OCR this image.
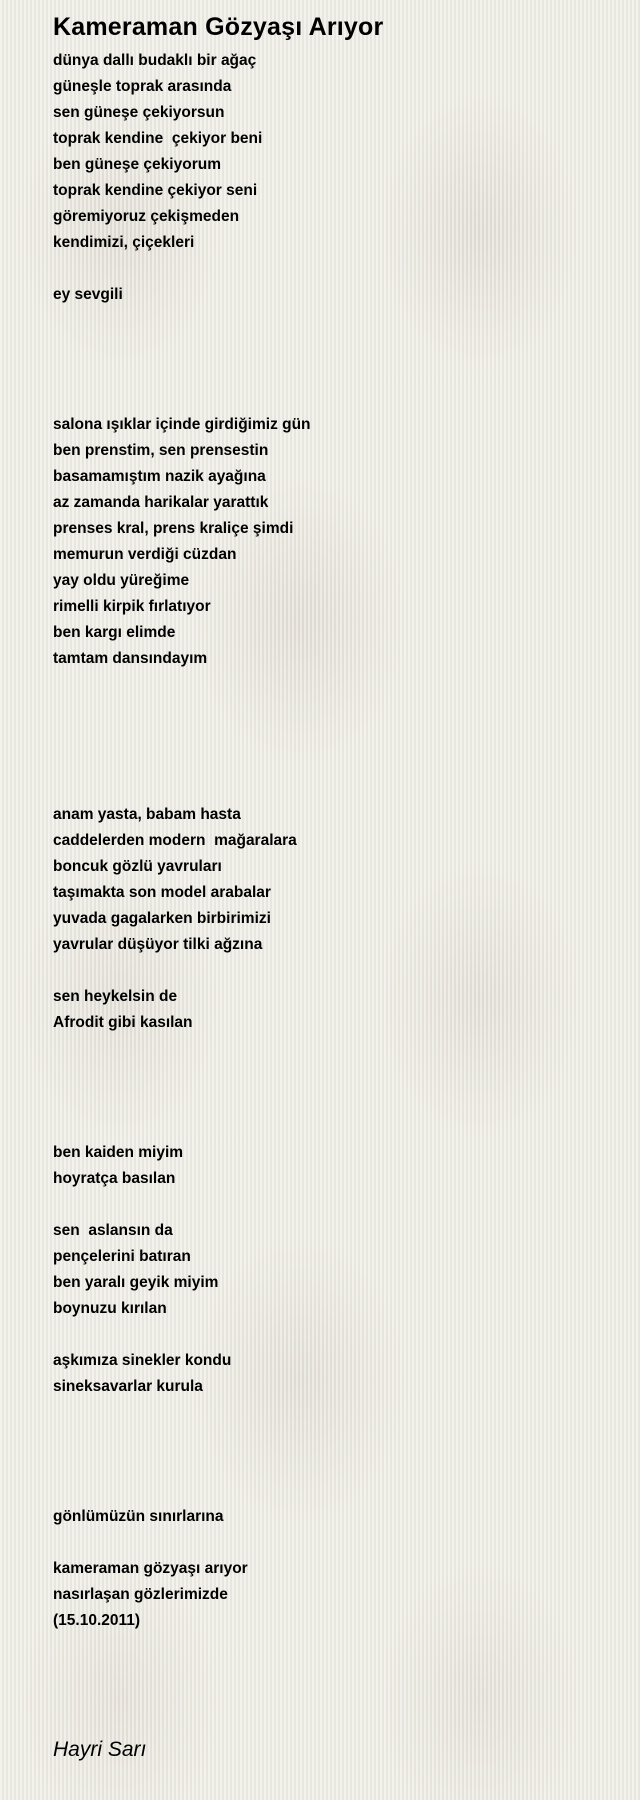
Kameraman Gözyaşı Arıyor
dünya dallı budaklı bir ağaç
güneşle toprak arasında
sen güneşe çekiyorsun
toprak kendine  çekiyor beni
ben güneşe çekiyorum
toprak kendine çekiyor seni
göremiyoruz çekişmeden
kendimizi, çiçekleri
ey sevgili
salona ışıklar içinde girdiğimiz gün
ben prenstim, sen prensestin
basamamıştım nazik ayağına
az zamanda harikalar yarattık
prenses kral, prens kraliçe şimdi
memurun verdiği cüzdan
yay oldu yüreğime
rimelli kirpik fırlatıyor
ben kargı elimde
tamtam dansındayım
anam yasta, babam hasta
caddelerden modern  mağaralara
boncuk gözlü yavruları
taşımakta son model arabalar
yuvada gagalarken birbirimizi
yavrular düşüyor tilki ağzına
sen heykelsin de
Afrodit gibi kasılan
ben kaiden miyim
hoyratça basılan
sen  aslansın da
pençelerini batıran
ben yaralı geyik miyim
boynuzu kırılan
aşkımıza sinekler kondu
sineksavarlar kurula
gönlümüzün sınırlarına
kameraman gözyaşı arıyor
nasırlaşan gözlerimizde
(15.10.2011)
Hayri Sarı
